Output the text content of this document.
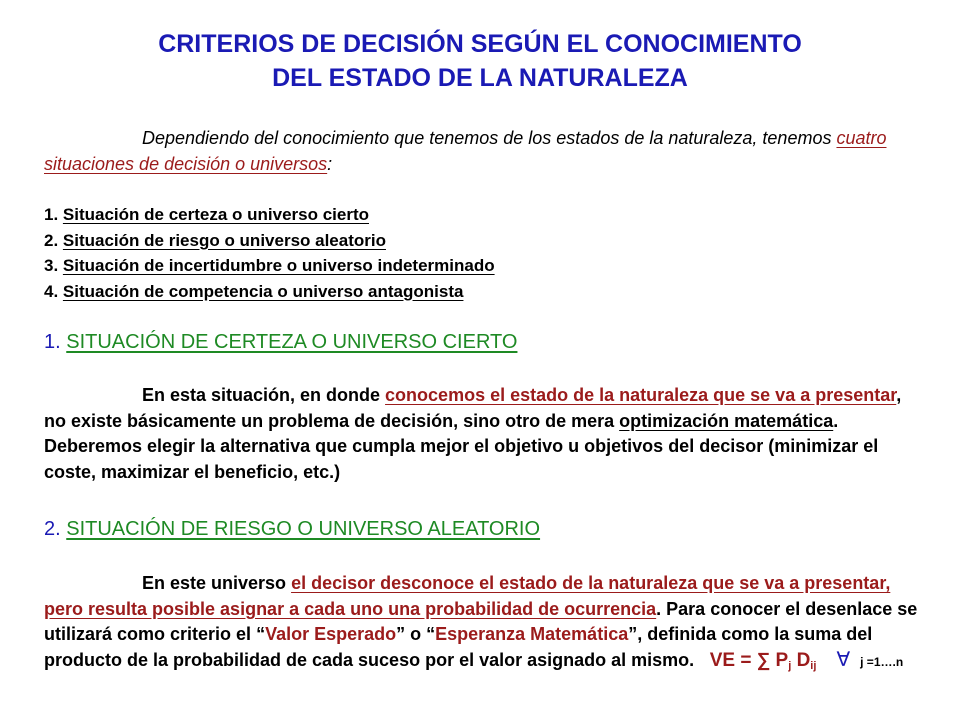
CRITERIOS DE DECISIÓN SEGÚN EL CONOCIMIENTO
DEL ESTADO DE LA NATURALEZA
Dependiendo del conocimiento que tenemos de los estados de la naturaleza, tenemos cuatro situaciones de decisión o universos:
1. Situación de certeza o universo cierto
2. Situación de riesgo o universo aleatorio
3. Situación de incertidumbre o universo indeterminado
4. Situación de competencia o universo antagonista
1. SITUACIÓN DE CERTEZA O UNIVERSO CIERTO
En esta situación, en donde conocemos el estado de la naturaleza que se va a presentar, no existe básicamente un problema de decisión, sino otro de mera optimización matemática. Deberemos elegir la alternativa que cumpla mejor el objetivo u objetivos del decisor (minimizar el coste, maximizar el beneficio, etc.)
2. SITUACIÓN DE RIESGO O UNIVERSO ALEATORIO
En este universo el decisor desconoce el estado de la naturaleza que se va a presentar, pero resulta posible asignar a cada uno una probabilidad de ocurrencia. Para conocer el desenlace se utilizará como criterio el “Valor Esperado” o “Esperanza Matemática”, definida como la suma del producto de la probabilidad de cada suceso por el valor asignado al mismo. VE = ∑ $P_j$ $D_{ij}$ ∀ j =1….n
